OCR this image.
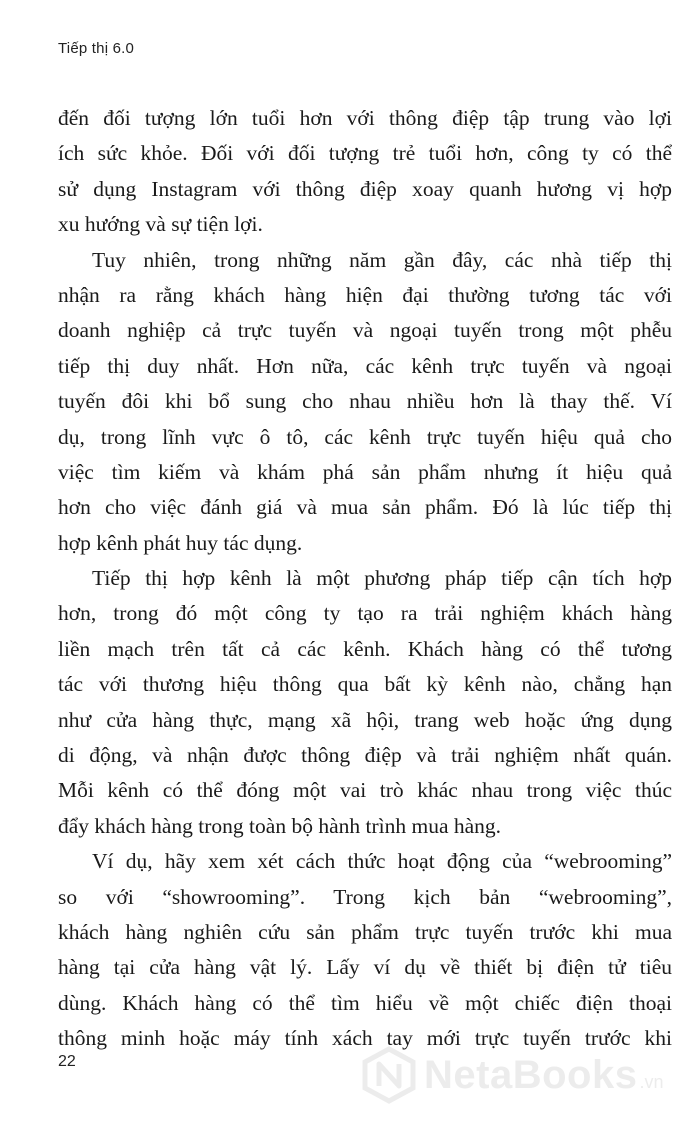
Tiếp thị 6.0
đến đối tượng lớn tuổi hơn với thông điệp tập trung vào lợi
ích sức khỏe. Đối với đối tượng trẻ tuổi hơn, công ty có thể
sử dụng Instagram với thông điệp xoay quanh hương vị hợp
xu hướng và sự tiện lợi.
Tuy nhiên, trong những năm gần đây, các nhà tiếp thị
nhận ra rằng khách hàng hiện đại thường tương tác với
doanh nghiệp cả trực tuyến và ngoại tuyến trong một phễu
tiếp thị duy nhất. Hơn nữa, các kênh trực tuyến và ngoại
tuyến đôi khi bổ sung cho nhau nhiều hơn là thay thế. Ví
dụ, trong lĩnh vực ô tô, các kênh trực tuyến hiệu quả cho
việc tìm kiếm và khám phá sản phẩm nhưng ít hiệu quả
hơn cho việc đánh giá và mua sản phẩm. Đó là lúc tiếp thị
hợp kênh phát huy tác dụng.
Tiếp thị hợp kênh là một phương pháp tiếp cận tích hợp
hơn, trong đó một công ty tạo ra trải nghiệm khách hàng
liền mạch trên tất cả các kênh. Khách hàng có thể tương
tác với thương hiệu thông qua bất kỳ kênh nào, chẳng hạn
như cửa hàng thực, mạng xã hội, trang web hoặc ứng dụng
di động, và nhận được thông điệp và trải nghiệm nhất quán.
Mỗi kênh có thể đóng một vai trò khác nhau trong việc thúc
đẩy khách hàng trong toàn bộ hành trình mua hàng.
Ví dụ, hãy xem xét cách thức hoạt động của “webrooming”
so với “showrooming”. Trong kịch bản “webrooming”,
khách hàng nghiên cứu sản phẩm trực tuyến trước khi mua
hàng tại cửa hàng vật lý. Lấy ví dụ về thiết bị điện tử tiêu
dùng. Khách hàng có thể tìm hiểu về một chiếc điện thoại
thông minh hoặc máy tính xách tay mới trực tuyến trước khi
22	NetaBooks .vn
